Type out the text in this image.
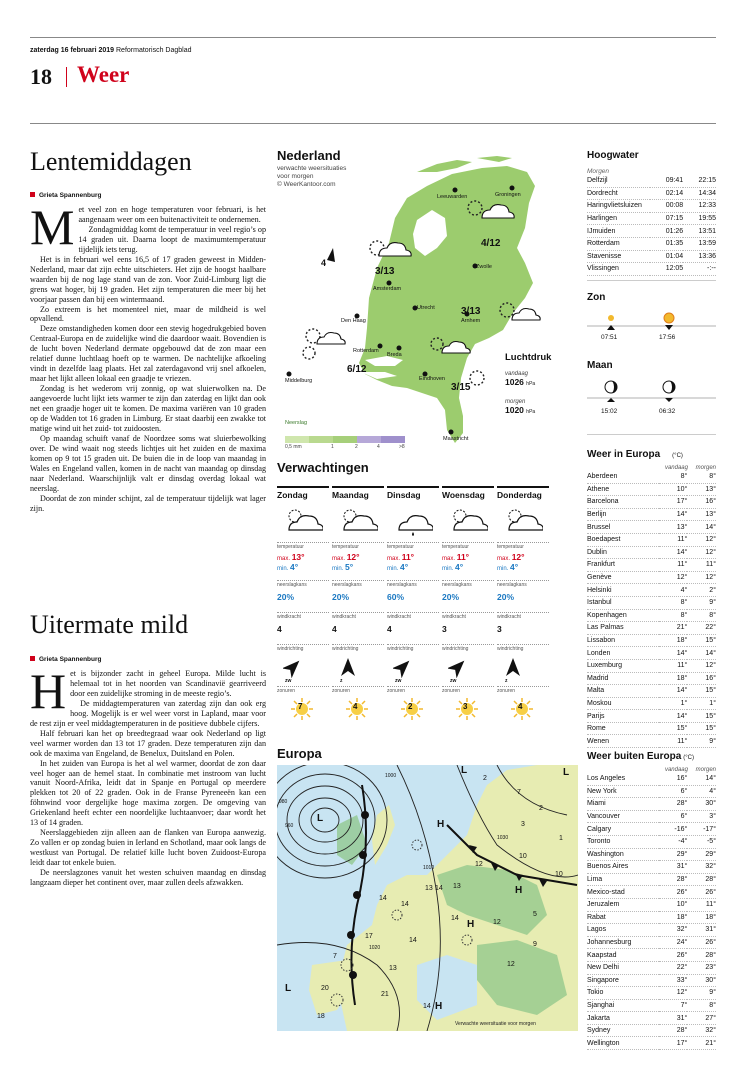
zaterdag 16 februari 2019 Reformatorisch Dagblad
18 Weer
Lentemiddagen
Grieta Spannenburg
M et veel zon en hoge temperaturen voor februari, is het aangenaam weer om een buitenactiviteit te ondernemen.

Zondagmiddag komt de temperatuur in veel regio’s op 14 graden uit. Daarna loopt de maximumtemperatuur tijdelijk iets terug.

Het is in februari wel eens 16,5 of 17 graden geweest in Midden-Nederland, maar dat zijn echte uitschieters. Het zijn de hoogst haalbare waarden bij de nog lage stand van de zon. Voor Zuid-Limburg ligt die grens wat hoger, bij 19 graden. Het zijn temperaturen die meer bij het voorjaar passen dan bij een wintermaand.

Zo extreem is het momenteel niet, maar de mildheid is wel opvallend.

Deze omstandigheden komen door een stevig hogedrukgebied boven Centraal-Europa en de zuidelijke wind die daardoor waait. Bovendien is de lucht boven Nederland dermate opgebouwd dat de zon maar een relatief dunne luchtlaag hoeft op te warmen. De nachtelijke afkoeling vindt in dezelfde laag plaats. Het zal zaterdagavond vrij snel afkoelen, maar het lijkt alleen lokaal een graadje te vriezen.

Zondag is het wederom vrij zonnig, op wat sluierwolken na. De aangevoerde lucht lijkt iets warmer te zijn dan zaterdag en lijkt dan ook net een graadje hoger uit te komen. De maxima variëren van 10 graden op de Wadden tot 16 graden in Limburg. Er staat daarbij een zwakke tot matige wind uit het zuid- tot zuidoosten.

Op maandag schuift vanaf de Noordzee soms wat sluierbewolking over. De wind waait nog steeds lichtjes uit het zuiden en de maxima komen op 9 tot 15 graden uit. De buien die in de loop van maandag in Wales en Engeland vallen, komen in de nacht van maandag op dinsdag naar Nederland. Waarschijnlijk valt er dinsdag overdag lokaal wat neerslag.

Doordat de zon minder schijnt, zal de temperatuur tijdelijk wat lager zijn.

Uitermate mild
Grieta Spannenburg
H et is bijzonder zacht in geheel Europa. Milde lucht is helemaal tot in het noorden van Scandinavië gearriveerd door een zuidelijke stroming in de meeste regio’s.

De middagtemperaturen van zaterdag zijn dan ook erg hoog. Mogelijk is er wel weer vorst in Lapland, maar voor de rest zijn er veel middagtemperaturen in de positieve dubbele cijfers.

Half februari kan het op breedtegraad waar ook Nederland op ligt veel warmer worden dan 13 tot 17 graden. Deze temperaturen zijn dan ook de maxima van Engeland, de Benelux, Duitsland en Polen.

In het zuiden van Europa is het al wel warmer, doordat de zon daar veel hoger aan de hemel staat. In combinatie met instroom van lucht vanuit Noord-Afrika, leidt dat in Spanje en Portugal op meerdere plekken tot 20 of 22 graden. Ook in de Franse Pyreneeën kan een föhnwind voor dergelijke hoge maxima zorgen. De omgeving van Griekenland heeft echter een noordelijke luchtaanvoer; daar wordt het 13 of 14 graden.

Neerslaggebieden zijn alleen aan de flanken van Europa aanwezig. Zo vallen er op zondag buien in Ierland en Schotland, maar ook langs de westkust van Portugal. De relatief kille lucht boven Zuidoost-Europa leidt daar tot enkele buien.

De neerslagzones vanuit het westen schuiven maandag en dinsdag langzaam dieper het continent over, maar zullen deels afzwakken.

Nederland
verwachte weersituaties
voor morgen
© WeerKantoor.com
Leeuwarden	Groningen
Zwolle
Amsterdam
Utrecht
Den Haag
Rotterdam
Arnhem
Breda
Eindhoven
Middelburg
Maastricht
4
4/12
3/13
3/13
6/12
3/15
Neerslag
0,5 mm	1	2	4	>8
Luchtdruk
vandaag
1026 hPa
morgen
1020 hPa
Verwachtingen
Zondag
temperatuur
max. 13°
min. 4°
neerslagkans
20%
windkracht
4
windrichting
zw
zonuren
7
Maandag
temperatuur
max. 12°
min. 5°
neerslagkans
20%
windkracht
4
windrichting
z
zonuren
4
Dinsdag
temperatuur
max. 11°
min. 4°
neerslagkans
60%
windkracht
4
windrichting
zw
zonuren
2
Woensdag
temperatuur
max. 11°
min. 4°
neerslagkans
20%
windkracht
3
windrichting
zw
zonuren
3
Donderdag
temperatuur
max. 12°
min. 4°
neerslagkans
20%
windkracht
3
windrichting
z
zonuren
4
Europa
L
L
H
H
H
L
H
L
960
980
1000
1010
1020
1030
7
14
14
13
17
14 13
12
14
12
14
13
20
21
18
14
10
12
9
2
7
10
5
3
2
1
Verwachte weersituatie voor morgen
Hoogwater
Morgen
Delfzijl	09:41	22:15
Dordrecht	02:14	14:34
Haringvlietsluizen	00:08	12:33
Harlingen	07:15	19:55
IJmuiden	01:26	13:51
Rotterdam	01:35	13:59
Stavenisse	01:04	13:36
Vlissingen	12:05	-:--
Zon
07:51	17:56
Maan
15:02	06:32
Weer in Europa (°C)
vandaag morgen
Aberdeen	8°	8°
Athene	10°	13°
Barcelona	17°	16°
Berlijn	14°	13°
Brussel	13°	14°
Boedapest	11°	12°
Dublin	14°	12°
Frankfurt	11°	11°
Genève	12°	12°
Helsinki	4°	2°
Istanbul	8°	9°
Kopenhagen	8°	8°
Las Palmas	21°	22°
Lissabon	18°	15°
Londen	14°	14°
Luxemburg	11°	12°
Madrid	18°	16°
Malta	14°	15°
Moskou	1°	1°
Parijs	14°	15°
Rome	15°	15°
Wenen	11°	9°
Weer buiten Europa (°C)
vandaag morgen
Los Angeles	16°	14°
New York	6°	4°
Miami	28°	30°
Vancouver	6°	3°
Calgary	-16°	-17°
Toronto	-4°	-5°
Washington	29°	29°
Buenos Aires	31°	32°
Lima	28°	28°
Mexico-stad	26°	26°
Jeruzalem	10°	11°
Rabat	18°	18°
Lagos	32°	31°
Johannesburg	24°	26°
Kaapstad	26°	28°
New Delhi	22°	23°
Singapore	33°	30°
Tokio	12°	9°
Sjanghai	7°	8°
Jakarta	31°	27°
Sydney	28°	32°
Wellington	17°	21°
